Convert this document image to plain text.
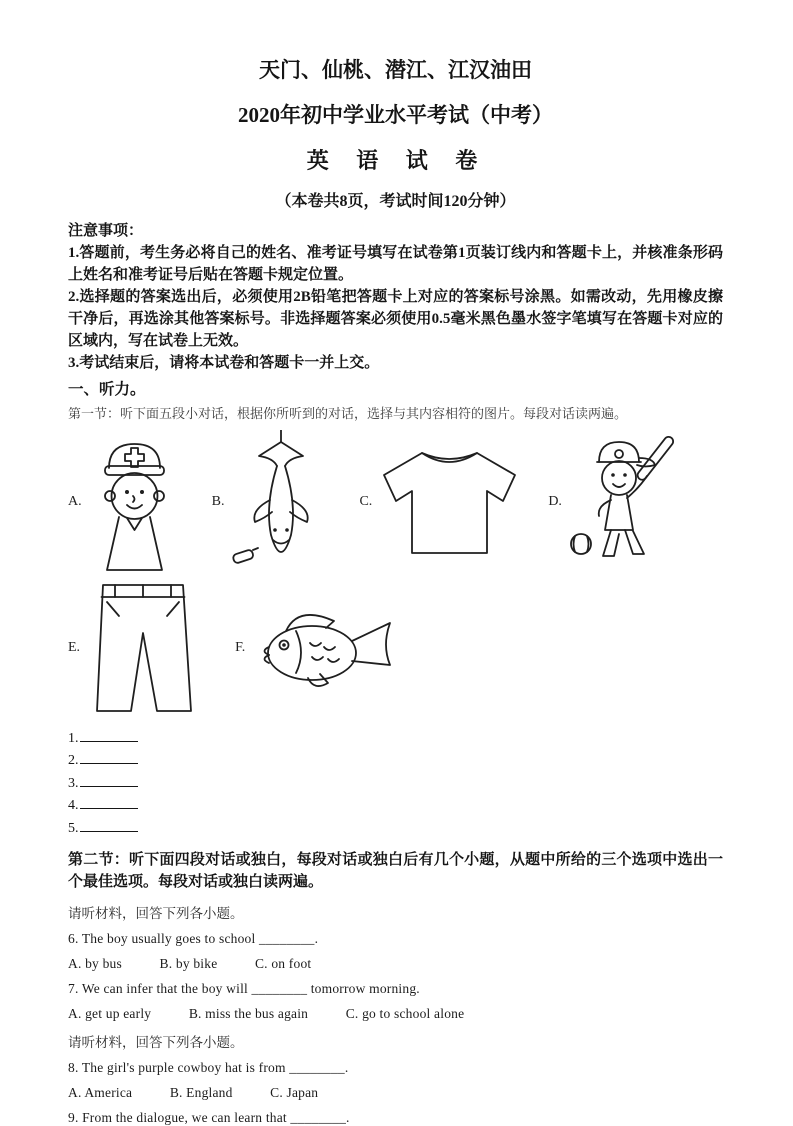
天门、仙桃、潜江、江汉油田
2020年初中学业水平考试（中考）
英 语 试 卷
（本卷共8页，考试时间120分钟）

注意事项：

1.答题前，考生务必将自己的姓名、准考证号填写在试卷第1页装订线内和答题卡上，并核准条形码上姓名和准考证号后贴在答题卡规定位置。

2.选择题的答案选出后，必须使用2B铅笔把答题卡上对应的答案标号涂黑。如需改动，先用橡皮擦干净后，再选涂其他答案标号。非选择题答案必须使用0.5毫米黑色墨水签字笔填写在答题卡对应的区域内，写在试卷上无效。

3.考试结束后，请将本试卷和答题卡一并上交。

一、听力。
第一节：听下面五段小对话，根据你所听到的对话，选择与其内容相符的图片。每段对话读两遍。
A.	B.	C.	D.
E.	F.
1.
2.
3.
4.
5.
第二节：听下面四段对话或独白，每段对话或独白后有几个小题，从题中所给的三个选项中选出一个最佳选项。每段对话或独白读两遍。

请听材料，回答下列各小题。

6. The boy usually goes to school ________.

A. by bus	B. by bike	C. on foot

7. We can infer that the boy will ________ tomorrow morning.

A. get up early	B. miss the bus again	C. go to school alone

请听材料，回答下列各小题。

8. The girl's purple cowboy hat is from ________.

A. America	B. England	C. Japan

9. From the dialogue, we can learn that ________.
